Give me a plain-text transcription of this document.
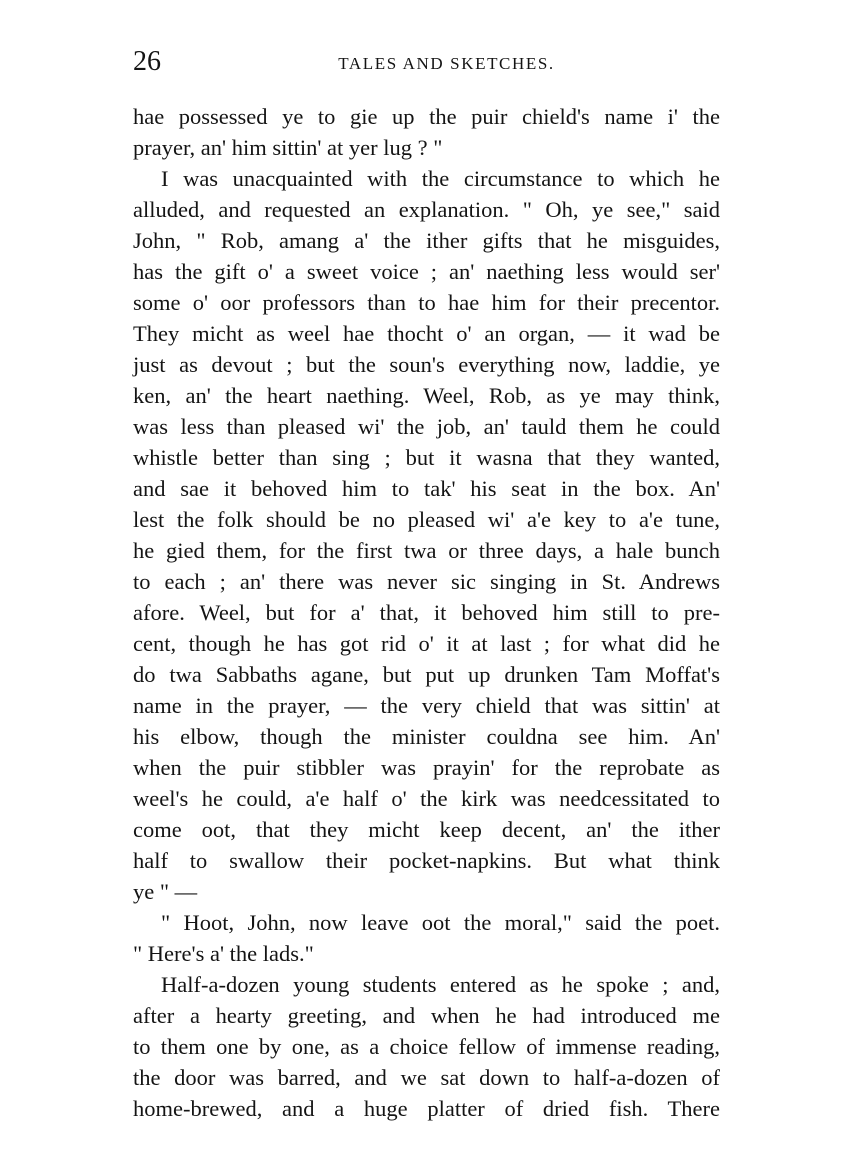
26	TALES AND SKETCHES.
hae possessed ye to gie up the puir chield's name i' the
prayer, an' him sittin' at yer lug ? "
I was unacquainted with the circumstance to which he
alluded, and requested an explanation. " Oh, ye see," said
John, " Rob, amang a' the ither gifts that he misguides,
has the gift o' a sweet voice ; an' naething less would ser'
some o' oor professors than to hae him for their precentor.
They micht as weel hae thocht o' an organ, — it wad be
just as devout ; but the soun's everything now, laddie, ye
ken, an' the heart naething. Weel, Rob, as ye may think,
was less than pleased wi' the job, an' tauld them he could
whistle better than sing ; but it wasna that they wanted,
and sae it behoved him to tak' his seat in the box. An'
lest the folk should be no pleased wi' a'e key to a'e tune,
he gied them, for the first twa or three days, a hale bunch
to each ; an' there was never sic singing in St. Andrews
afore. Weel, but for a' that, it behoved him still to pre-
cent, though he has got rid o' it at last ; for what did he
do twa Sabbaths agane, but put up drunken Tam Moffat's
name in the prayer, — the very chield that was sittin' at
his elbow, though the minister couldna see him. An'
when the puir stibbler was prayin' for the reprobate as
weel's he could, a'e half o' the kirk was needcessitated to
come oot, that they micht keep decent, an' the ither
half to swallow their pocket-napkins. But what think
ye " —
" Hoot, John, now leave oot the moral," said the poet.
" Here's a' the lads."
Half-a-dozen young students entered as he spoke ; and,
after a hearty greeting, and when he had introduced me
to them one by one, as a choice fellow of immense reading,
the door was barred, and we sat down to half-a-dozen of
home-brewed, and a huge platter of dried fish. There
